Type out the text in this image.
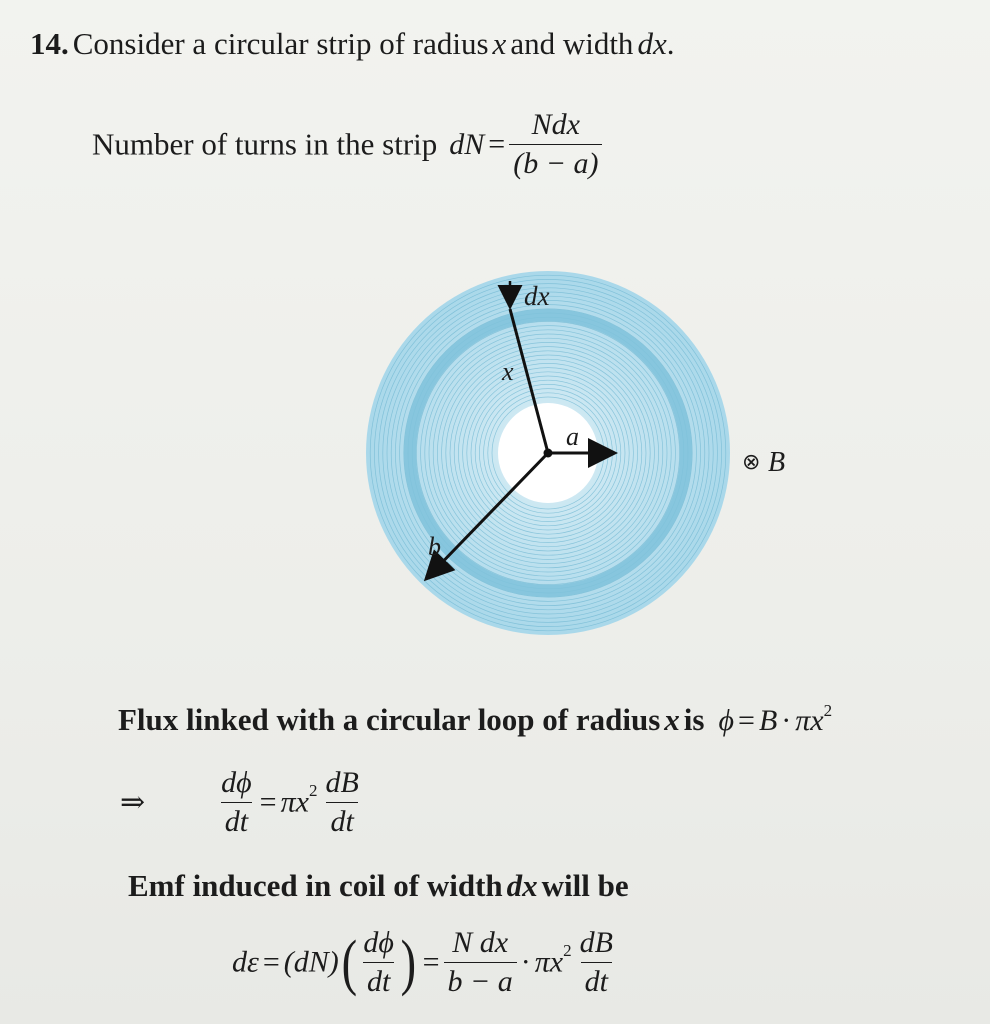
14. Consider a circular strip of radius x and width dx.
Number of turns in the strip dN = $\frac{\text{Ndx}}{(b - a)}$
dx
x
a
b
⊗ B
Flux linked with a circular loop of radius x is $\phi = B \cdot \pi x^2$
⇒ $\frac{d\phi}{dt} = \pi x^2 \frac{dB}{dt}$
Emf induced in coil of width dx will be
$d\varepsilon = (dN)( \frac{d\phi}{dt}$ ) = $\frac{\text{N dx}}{b - a} \cdot \pi x^2 \frac{dB}{dt}$
